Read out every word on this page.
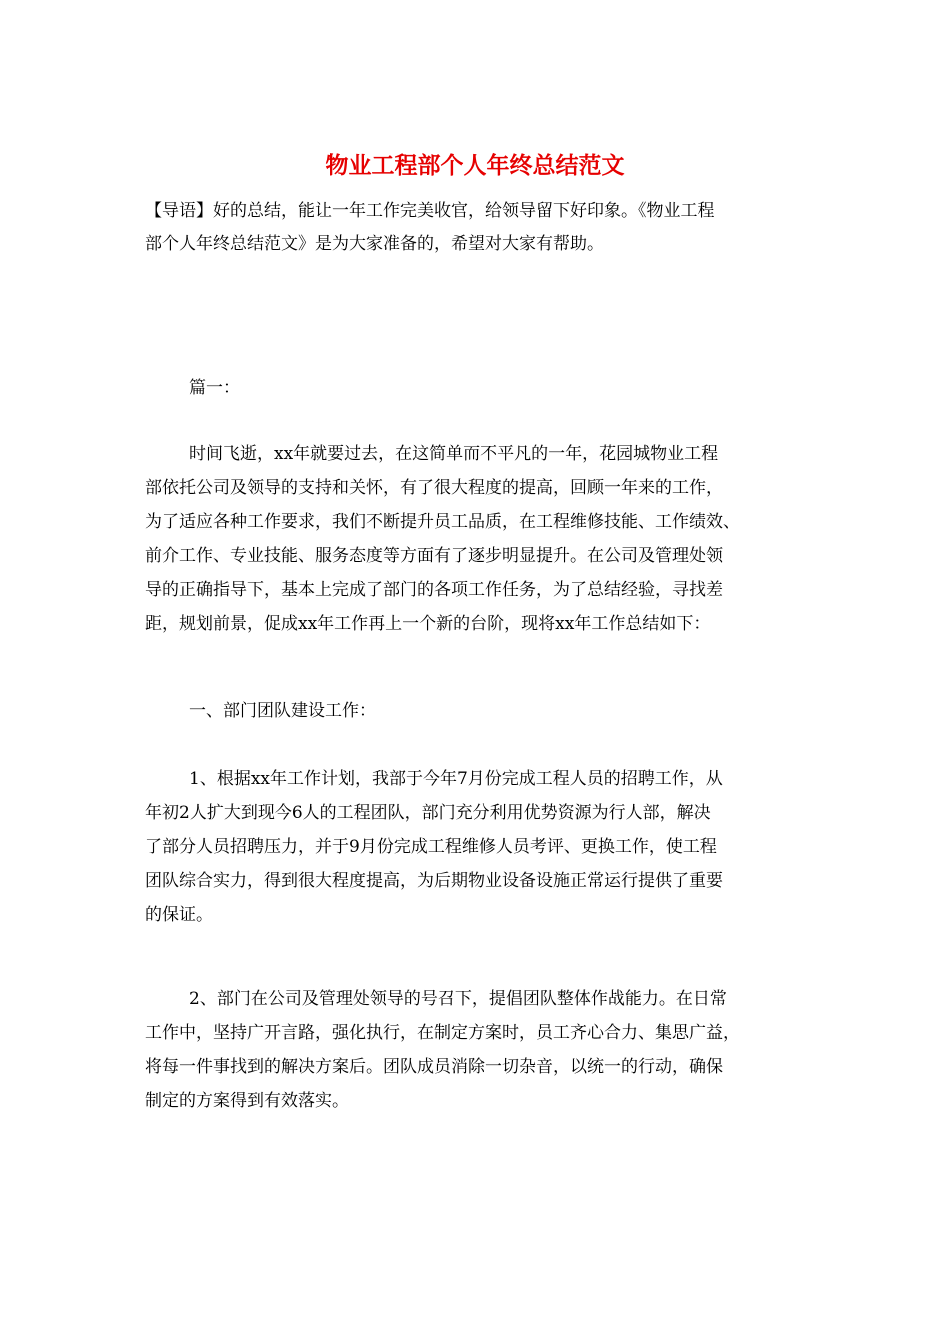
物业工程部个人年终总结范文
【导语】好的总结，能让一年工作完美收官，给领导留下好印象。《物业工程
部个人年终总结范文》是为大家准备的，希望对大家有帮助。
篇一：
时间飞逝，xx年就要过去，在这简单而不平凡的一年，花园城物业工程
部依托公司及领导的支持和关怀，有了很大程度的提高，回顾一年来的工作，
为了适应各种工作要求，我们不断提升员工品质，在工程维修技能、工作绩效、
前介工作、专业技能、服务态度等方面有了逐步明显提升。在公司及管理处领
导的正确指导下，基本上完成了部门的各项工作任务，为了总结经验，寻找差
距，规划前景，促成xx年工作再上一个新的台阶，现将xx年工作总结如下：
一、部门团队建设工作：
1、根据xx年工作计划，我部于今年7月份完成工程人员的招聘工作，从
年初2人扩大到现今6人的工程团队，部门充分利用优势资源为行人部，解决
了部分人员招聘压力，并于9月份完成工程维修人员考评、更换工作，使工程
团队综合实力，得到很大程度提高，为后期物业设备设施正常运行提供了重要
的保证。
2、部门在公司及管理处领导的号召下，提倡团队整体作战能力。在日常
工作中，坚持广开言路，强化执行，在制定方案时，员工齐心合力、集思广益，
将每一件事找到的解决方案后。团队成员消除一切杂音，以统一的行动，确保
制定的方案得到有效落实。
